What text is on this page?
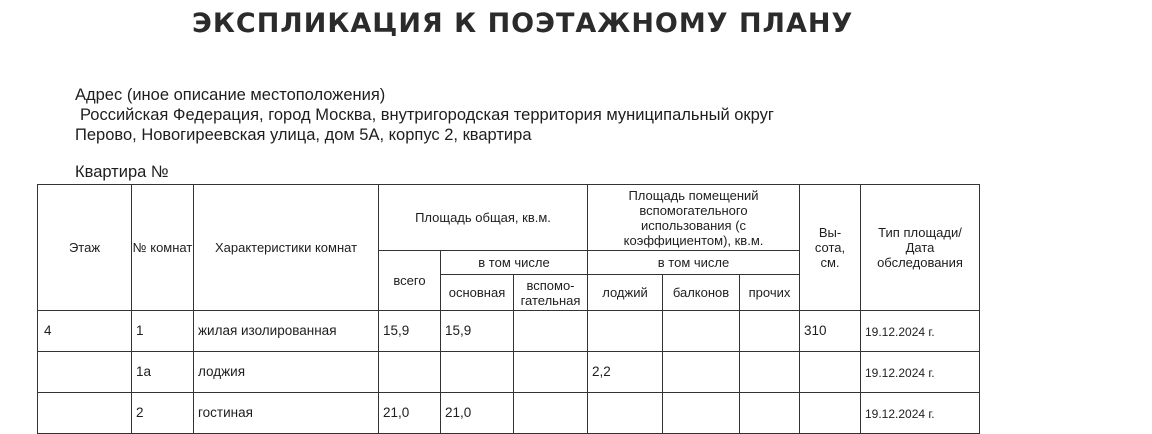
ЭКСПЛИКАЦИЯ К ПОЭТАЖНОМУ ПЛАНУ
Адрес (иное описание местоположения)
Российская Федерация, город Москва, внутригородская территория муниципальный округ
Перово, Новогиреевская улица, дом 5А, корпус 2, квартира
Квартира №
Этаж	№ комнат	Характеристики комнат	Площадь общая, кв.м.			Площадь помещений вспомогательного использования (с коэффициентом), кв.м.			Вы-сота, см.	Тип площади/ Дата обследования
			всего	в том числе		в том числе				
				основная	вспомо-гательная	лоджий	балконов	прочих		
4	1	жилая изолированная	15,9	15,9					310	19.12.2024 г.
	1а	лоджия				2,2				19.12.2024 г.
	2	гостиная	21,0	21,0						19.12.2024 г.
